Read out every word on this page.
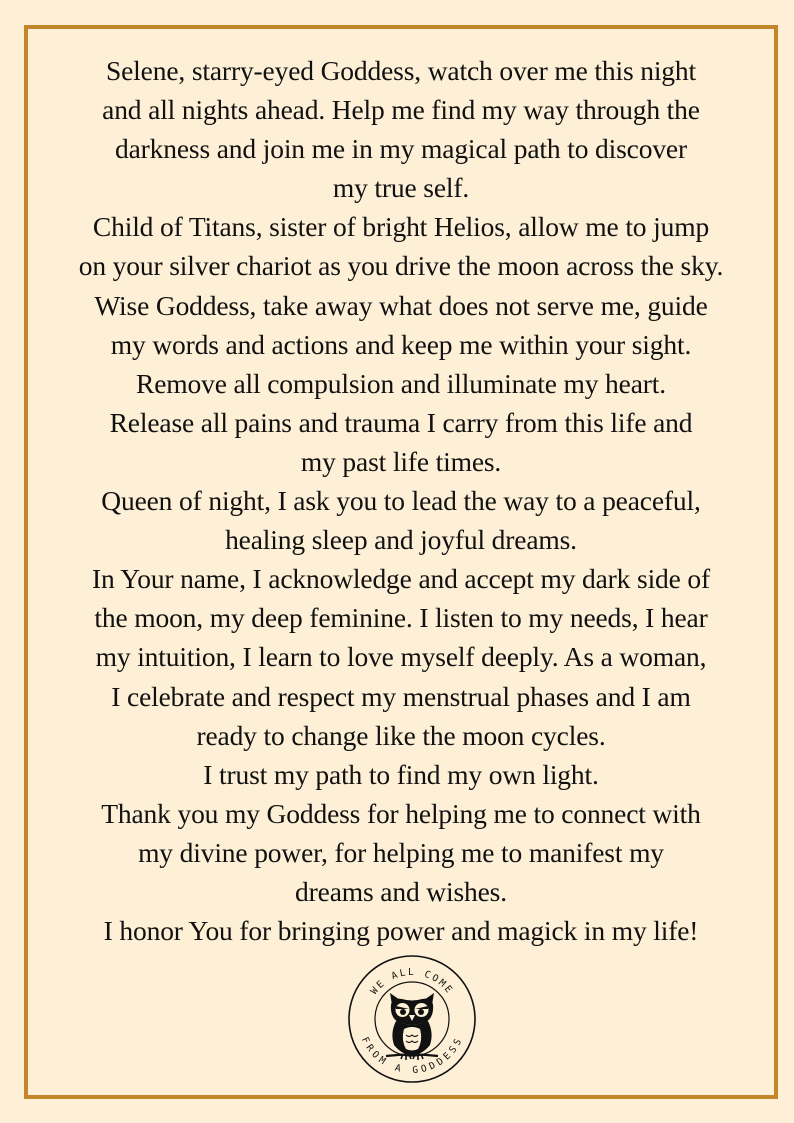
Selene, starry-eyed Goddess, watch over me this night
and all nights ahead. Help me find my way through the
darkness and join me in my magical path to discover
my true self.
Child of Titans, sister of bright Helios, allow me to jump
on your silver chariot as you drive the moon across the sky.
Wise Goddess, take away what does not serve me, guide
my words and actions and keep me within your sight.
Remove all compulsion and illuminate my heart.
Release all pains and trauma I carry from this life and
my past life times.
Queen of night, I ask you to lead the way to a peaceful,
healing sleep and joyful dreams.
In Your name, I acknowledge and accept my dark side of
the moon, my deep feminine. I listen to my needs, I hear
my intuition, I learn to love myself deeply. As a woman,
I celebrate and respect my menstrual phases and I am
ready to change like the moon cycles.
I trust my path to find my own light.
Thank you my Goddess for helping me to connect with
my divine power, for helping me to manifest my
dreams and wishes.
I honor You for bringing power and magick in my life!
WE ALL COME
FROM A GODDESS
